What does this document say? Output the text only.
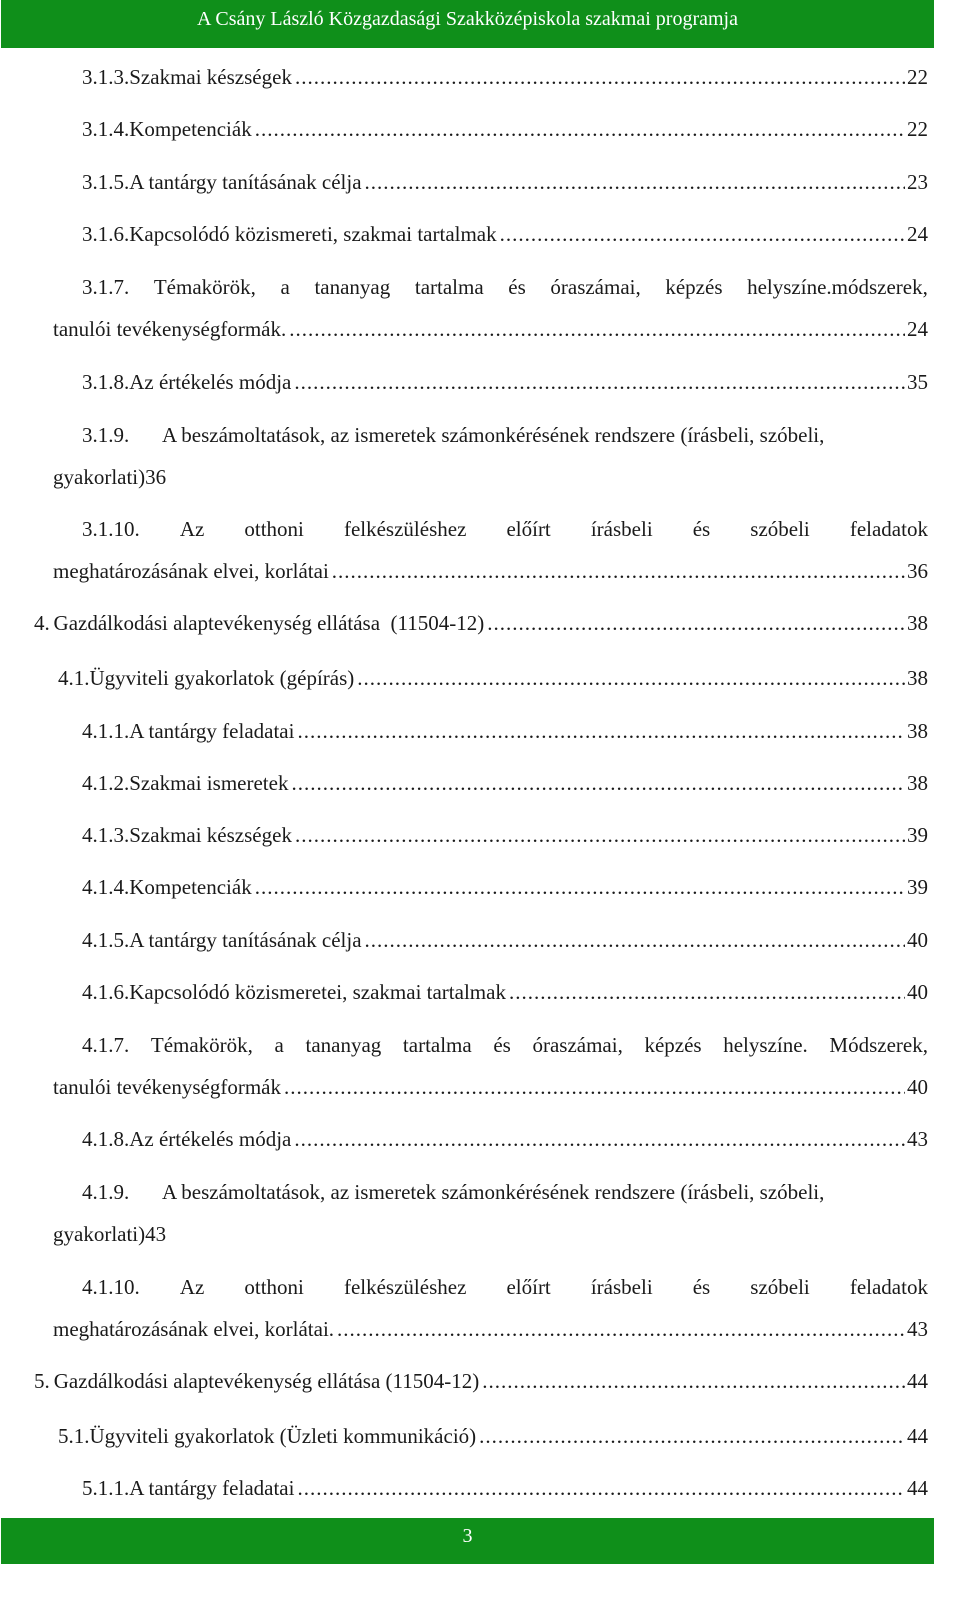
A Csány László Közgazdasági Szakközépiskola szakmai programja
3.1.3. Szakmai készségek .....	22
3.1.4. Kompetenciák .....	22
3.1.5. A tantárgy tanításának célja .....	23
3.1.6. Kapcsolódó közismereti, szakmai tartalmak .....	24
3.1.7. Témakörök, a tananyag tartalma és óraszámai, képzés helyszíne.módszerek,
tanulói tevékenységformák. .....	24
3.1.8. Az értékelés módja .....	35
3.1.9.	A beszámoltatások, az ismeretek számonkérésének rendszere (írásbeli, szóbeli,
gyakorlati)36
3.1.10. Az otthoni felkészüléshez előírt írásbeli és szóbeli feladatok
meghatározásának elvei, korlátai .....	36
4. Gazdálkodási alaptevékenység ellátása  (11504-12) .....	38
4.1. Ügyviteli gyakorlatok (gépírás) .....	38
4.1.1. A tantárgy feladatai .....	38
4.1.2. Szakmai ismeretek .....	38
4.1.3. Szakmai készségek .....	39
4.1.4. Kompetenciák .....	39
4.1.5. A tantárgy tanításának célja .....	40
4.1.6. Kapcsolódó közismeretei, szakmai tartalmak .....	40
4.1.7. Témakörök, a tananyag tartalma és óraszámai, képzés helyszíne. Módszerek,
tanulói tevékenységformák .....	40
4.1.8. Az értékelés módja .....	43
4.1.9.	A beszámoltatások, az ismeretek számonkérésének rendszere (írásbeli, szóbeli,
gyakorlati)43
4.1.10. Az otthoni felkészüléshez előírt írásbeli és szóbeli feladatok
meghatározásának elvei, korlátai. .....	43
5. Gazdálkodási alaptevékenység ellátása (11504-12) .....	44
5.1. Ügyviteli gyakorlatok (Üzleti kommunikáció) .....	44
5.1.1. A tantárgy feladatai .....	44
3
